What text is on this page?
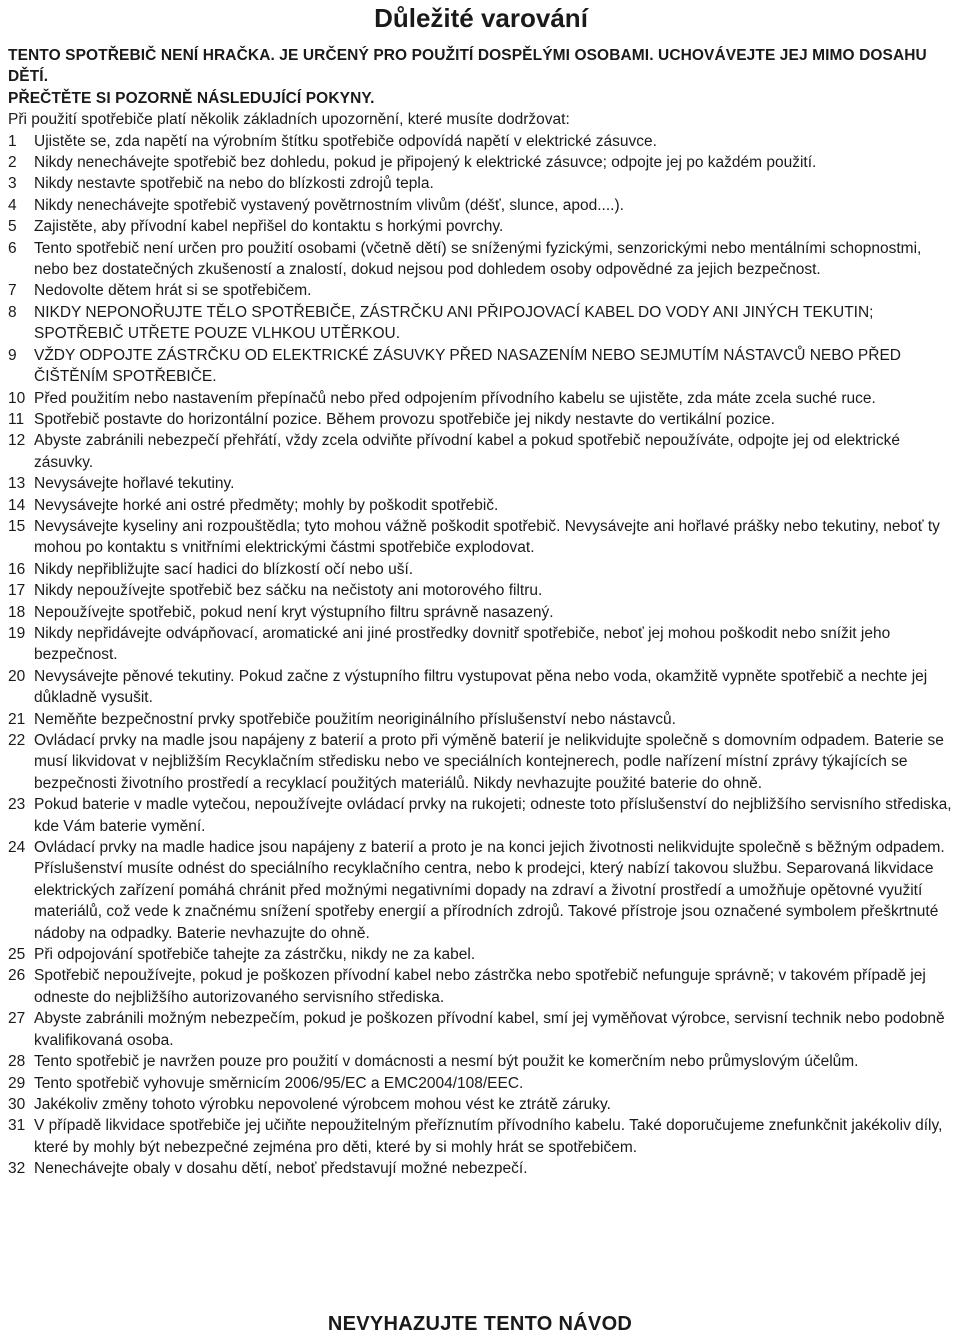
Důležité varování

TENTO SPOTŘEBIČ NENÍ HRAČKA. JE URČENÝ PRO POUŽITÍ DOSPĚLÝMI OSOBAMI. UCHOVÁVEJTE JEJ MIMO DOSAHU DĚTÍ.

PŘEČTĚTE SI POZORNĚ NÁSLEDUJÍCÍ POKYNY.

Při použití spotřebiče platí několik základních upozornění, které musíte dodržovat:

1	Ujistěte se, zda napětí na výrobním štítku spotřebiče odpovídá napětí v elektrické zásuvce.
2	Nikdy nenechávejte spotřebič bez dohledu, pokud je připojený k elektrické zásuvce; odpojte jej po každém použití.
3	Nikdy nestavte spotřebič na nebo do blízkosti zdrojů tepla.
4	Nikdy nenechávejte spotřebič vystavený povětrnostním vlivům (déšť, slunce, apod....).
5	Zajistěte, aby přívodní kabel nepřišel do kontaktu s horkými povrchy.
6	Tento spotřebič není určen pro použití osobami (včetně dětí) se sníženými fyzickými, senzorickými nebo mentálními schopnostmi, nebo bez dostatečných zkušeností a znalostí, dokud nejsou pod dohledem osoby odpovědné za jejich bezpečnost.
7	Nedovolte dětem hrát si se spotřebičem.
8	NIKDY NEPONOŘUJTE TĚLO SPOTŘEBIČE, ZÁSTRČKU ANI PŘIPOJOVACÍ KABEL DO VODY ANI JINÝCH TEKUTIN; SPOTŘEBIČ UTŘETE POUZE VLHKOU UTĚRKOU.
9	VŽDY ODPOJTE ZÁSTRČKU OD ELEKTRICKÉ ZÁSUVKY PŘED NASAZENÍM NEBO SEJMUTÍM NÁSTAVCŮ NEBO PŘED ČIŠTĚNÍM SPOTŘEBIČE.
10 Před použitím nebo nastavením přepínačů nebo před odpojením přívodního kabelu se ujistěte, zda máte zcela suché ruce.
11 Spotřebič postavte do horizontální pozice. Během provozu spotřebiče jej nikdy nestavte do vertikální pozice.
12 Abyste zabránili nebezpečí přehřátí, vždy zcela odviňte přívodní kabel a pokud spotřebič nepoužíváte, odpojte jej od elektrické zásuvky.
13 Nevysávejte hořlavé tekutiny.
14 Nevysávejte horké ani ostré předměty; mohly by poškodit spotřebič.
15 Nevysávejte kyseliny ani rozpouštědla; tyto mohou vážně poškodit spotřebič. Nevysávejte ani hořlavé prášky nebo tekutiny, neboť ty mohou po kontaktu s vnitřními elektrickými částmi spotřebiče explodovat.
16 Nikdy nepřibližujte sací hadici do blízkostí očí nebo uší.
17 Nikdy nepoužívejte spotřebič bez sáčku na nečistoty ani motorového filtru.
18 Nepoužívejte spotřebič, pokud není kryt výstupního filtru správně nasazený.
19 Nikdy nepřidávejte odvápňovací, aromatické ani jiné prostředky dovnitř spotřebiče, neboť jej mohou poškodit nebo snížit jeho bezpečnost.
20 Nevysávejte pěnové tekutiny. Pokud začne z výstupního filtru vystupovat pěna nebo voda, okamžitě vypněte spotřebič a nechte jej důkladně vysušit.
21 Neměňte bezpečnostní prvky spotřebiče použitím neoriginálního příslušenství nebo nástavců.
22 Ovládací prvky na madle jsou napájeny z baterií a proto při výměně baterií je nelikvidujte společně s domovním odpadem. Baterie se musí likvidovat v nejbližším Recyklačním středisku nebo ve speciálních kontejnerech, podle nařízení místní zprávy týkajících se bezpečnosti životního prostředí a recyklací použitých materiálů. Nikdy nevhazujte použité baterie do ohně.
23 Pokud baterie v madle vytečou, nepoužívejte ovládací prvky na rukojeti; odneste toto příslušenství do nejbližšího servisního střediska, kde Vám baterie vymění.
24 Ovládací prvky na madle hadice jsou napájeny z baterií a proto je na konci jejich životnosti nelikvidujte společně s běžným odpadem. Příslušenství musíte odnést do speciálního recyklačního centra, nebo k prodejci, který nabízí takovou službu. Separovaná likvidace elektrických zařízení pomáhá chránit před možnými negativními dopady na zdraví a životní prostředí a umožňuje opětovné využití materiálů, což vede k značnému snížení spotřeby energií a přírodních zdrojů. Takové přístroje jsou označené symbolem přeškrtnuté nádoby na odpadky. Baterie nevhazujte do ohně.
25 Při odpojování spotřebiče tahejte za zástrčku, nikdy ne za kabel.
26 Spotřebič nepoužívejte, pokud je poškozen přívodní kabel nebo zástrčka nebo spotřebič nefunguje správně; v takovém případě jej odneste do nejbližšího autorizovaného servisního střediska.
27 Abyste zabránili možným nebezpečím, pokud je poškozen přívodní kabel, smí jej vyměňovat výrobce, servisní technik nebo podobně kvalifikovaná osoba.
28 Tento spotřebič je navržen pouze pro použití v domácnosti a nesmí být použit ke komerčním nebo průmyslovým účelům.
29 Tento spotřebič vyhovuje směrnicím 2006/95/EC a EMC2004/108/EEC.
30 Jakékoliv změny tohoto výrobku nepovolené výrobcem mohou vést ke ztrátě záruky.
31 V případě likvidace spotřebiče jej učiňte nepoužitelným přeříznutím přívodního kabelu. Také doporučujeme znefunkčnit jakékoliv díly, které by mohly být nebezpečné zejména pro děti, které by si mohly hrát se spotřebičem.
32 Nenechávejte obaly v dosahu dětí, neboť představují možné nebezpečí.
NEVYHAZUJTE TENTO NÁVOD
